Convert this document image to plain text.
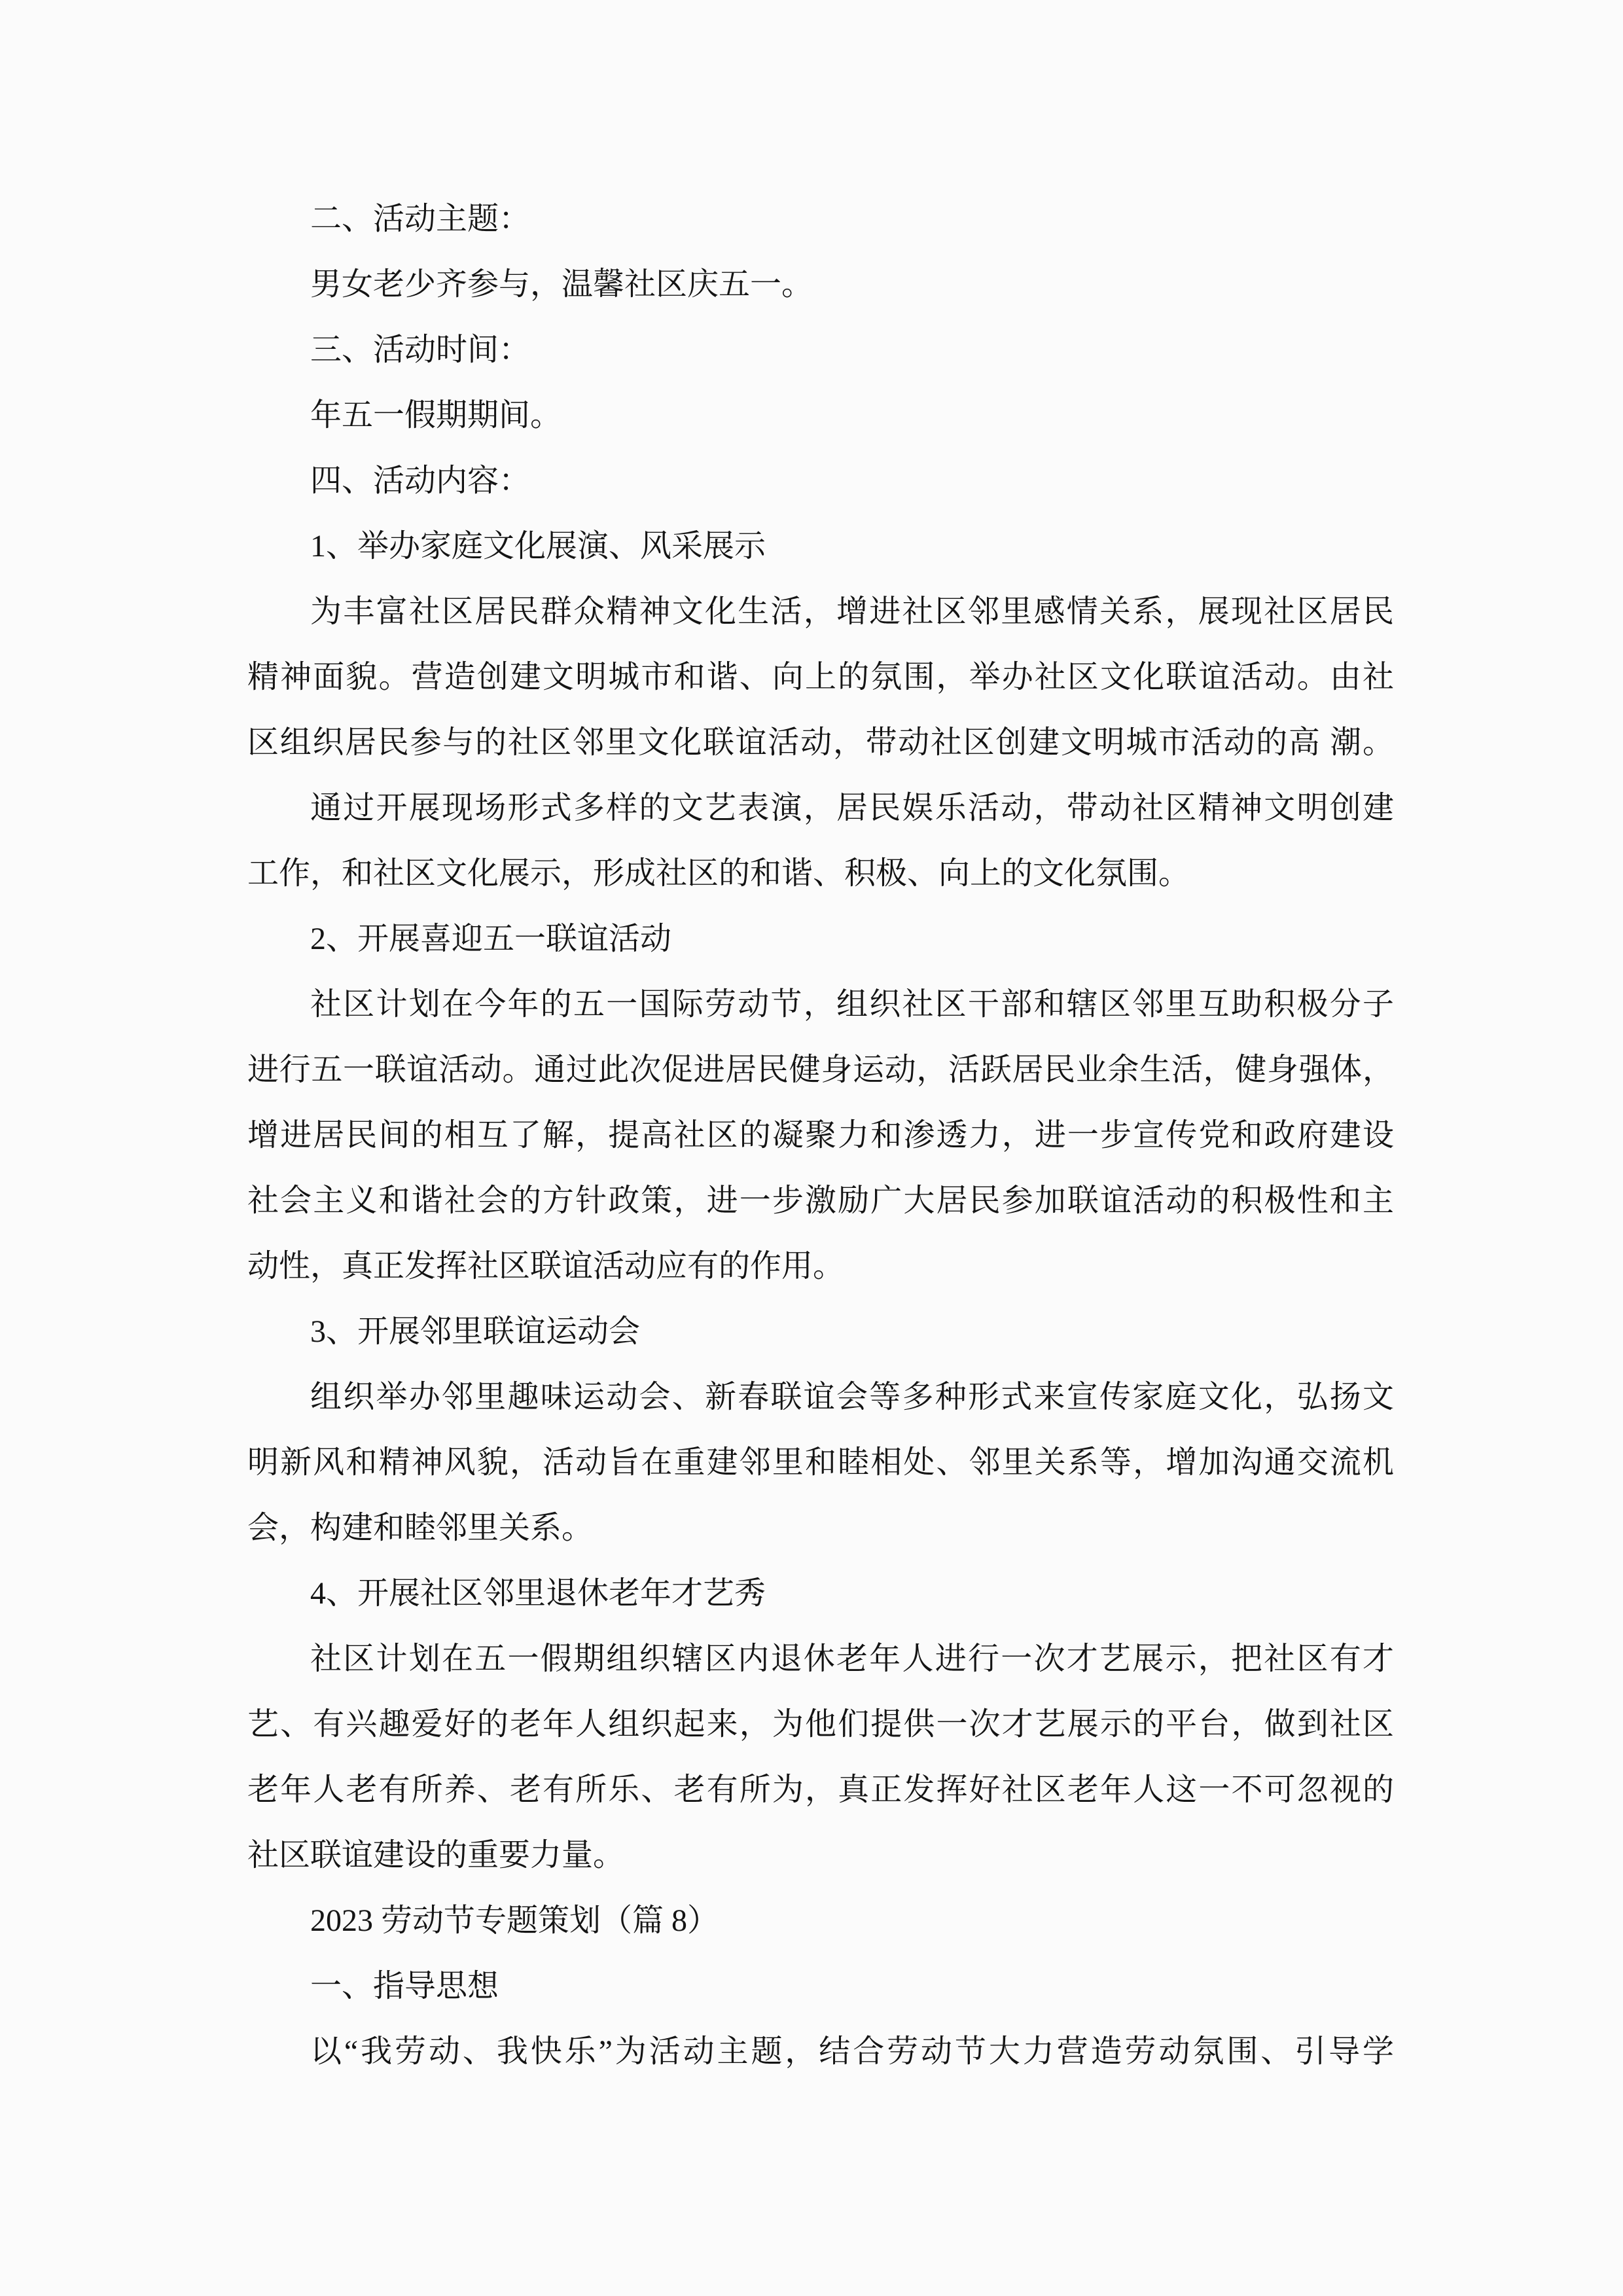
二、活动主题：
男女老少齐参与，温馨社区庆五一。
三、活动时间：
年五一假期期间。
四、活动内容：
1、举办家庭文化展演、风采展示
为丰富社区居民群众精神文化生活，增进社区邻里感情关系，展现社区居民
精神面貌。营造创建文明城市和谐、向上的氛围，举办社区文化联谊活动。由社
区组织居民参与的社区邻里文化联谊活动，带动社区创建文明城市活动的高 潮。
通过开展现场形式多样的文艺表演，居民娱乐活动，带动社区精神文明创建
工作，和社区文化展示，形成社区的和谐、积极、向上的文化氛围。
2、开展喜迎五一联谊活动
社区计划在今年的五一国际劳动节，组织社区干部和辖区邻里互助积极分子
进行五一联谊活动。通过此次促进居民健身运动，活跃居民业余生活，健身强体，
增进居民间的相互了解，提高社区的凝聚力和渗透力，进一步宣传党和政府建设
社会主义和谐社会的方针政策，进一步激励广大居民参加联谊活动的积极性和主
动性，真正发挥社区联谊活动应有的作用。
3、开展邻里联谊运动会
组织举办邻里趣味运动会、新春联谊会等多种形式来宣传家庭文化，弘扬文
明新风和精神风貌，活动旨在重建邻里和睦相处、邻里关系等，增加沟通交流机
会，构建和睦邻里关系。
4、开展社区邻里退休老年才艺秀
社区计划在五一假期组织辖区内退休老年人进行一次才艺展示，把社区有才
艺、有兴趣爱好的老年人组织起来，为他们提供一次才艺展示的平台，做到社区
老年人老有所养、老有所乐、老有所为，真正发挥好社区老年人这一不可忽视的
社区联谊建设的重要力量。
2023 劳动节专题策划（篇 8）
一、指导思想
以“我劳动、我快乐”为活动主题，结合劳动节大力营造劳动氛围、引导学
